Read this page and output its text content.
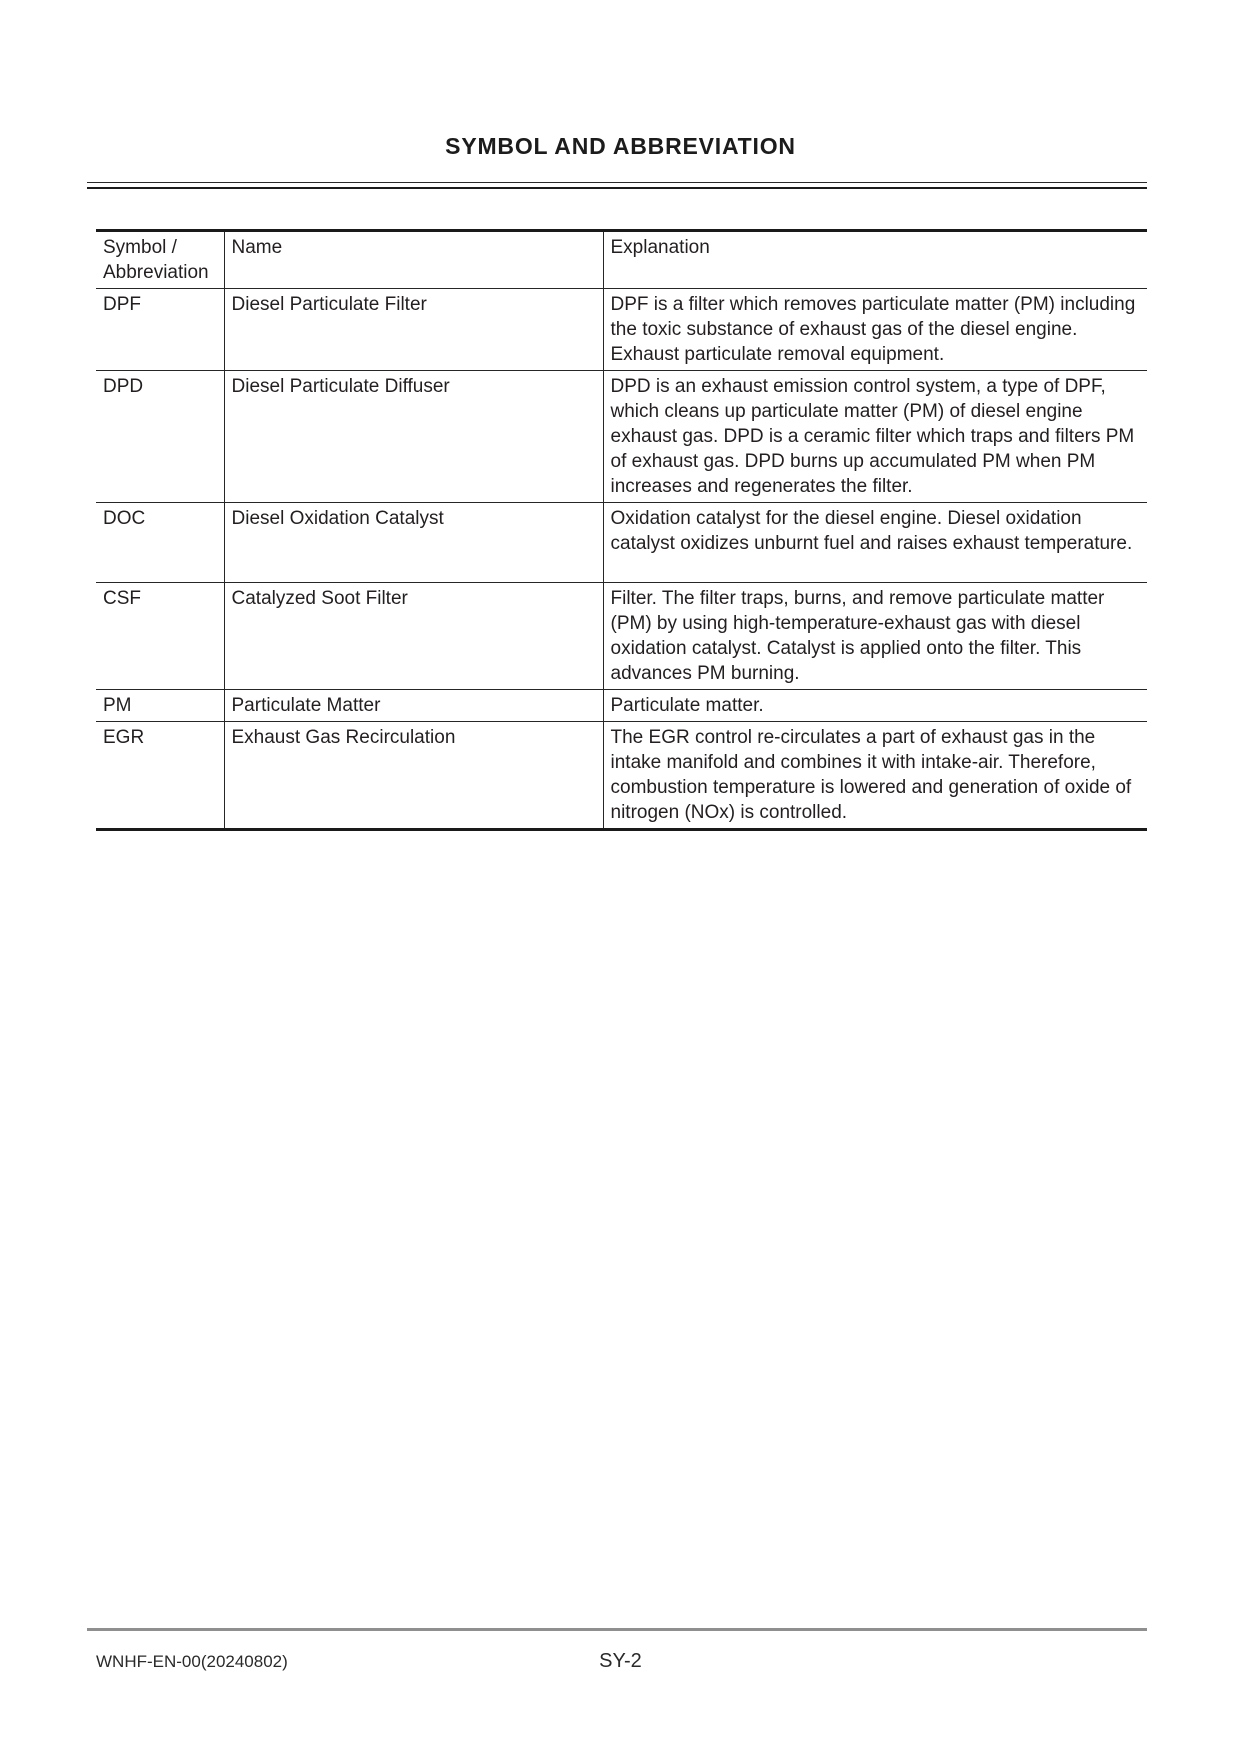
SYMBOL AND ABBREVIATION
Symbol / Abbreviation	Name	Explanation
DPF	Diesel Particulate Filter	DPF is a filter which removes particulate matter (PM) including the toxic substance of exhaust gas of the diesel engine. Exhaust particulate removal equipment.
DPD	Diesel Particulate Diffuser	DPD is an exhaust emission control system, a type of DPF, which cleans up particulate matter (PM) of diesel engine exhaust gas. DPD is a ceramic filter which traps and filters PM of exhaust gas. DPD burns up accumulated PM when PM increases and regenerates the filter.
DOC	Diesel Oxidation Catalyst	Oxidation catalyst for the diesel engine. Diesel oxidation catalyst oxidizes unburnt fuel and raises exhaust temperature.
CSF	Catalyzed Soot Filter	Filter. The filter traps, burns, and remove particulate matter (PM) by using high-temperature-exhaust gas with diesel oxidation catalyst. Catalyst is applied onto the filter. This advances PM burning.
PM	Particulate Matter	Particulate matter.
EGR	Exhaust Gas Recirculation	The EGR control re-circulates a part of exhaust gas in the intake manifold and combines it with intake-air. Therefore, combustion temperature is lowered and generation of oxide of nitrogen (NOx) is controlled.
WNHF-EN-00(20240802)	SY-2
